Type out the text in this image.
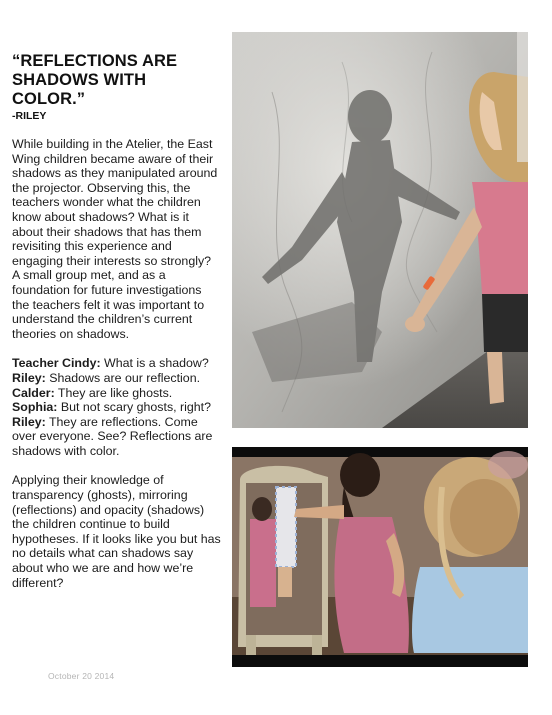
“REFLECTIONS ARE SHADOWS WITH COLOR.”
-RILEY

While building in the Atelier, the East Wing children became aware of their shadows as they manipulated around the projector. Observing this, the teachers wonder what the children know about shadows? What is it about their shadows that has them revisiting this experience and engaging their interests so strongly?
A small group met, and as a foundation for future investigations the teachers felt it was important to understand the children’s current theories on shadows.

Teacher Cindy: What is a shadow?
Riley: Shadows are our reflection.
Calder: They are like ghosts.
Sophia: But not scary ghosts, right?
Riley: They are reflections. Come over everyone. See? Reflections are shadows with color.

Applying their knowledge of transparency (ghosts), mirroring (reflections) and opacity (shadows) the children continue to build hypotheses. If it looks like you but has no details what can shadows say about who we are and how we’re different?

October 20 2014
